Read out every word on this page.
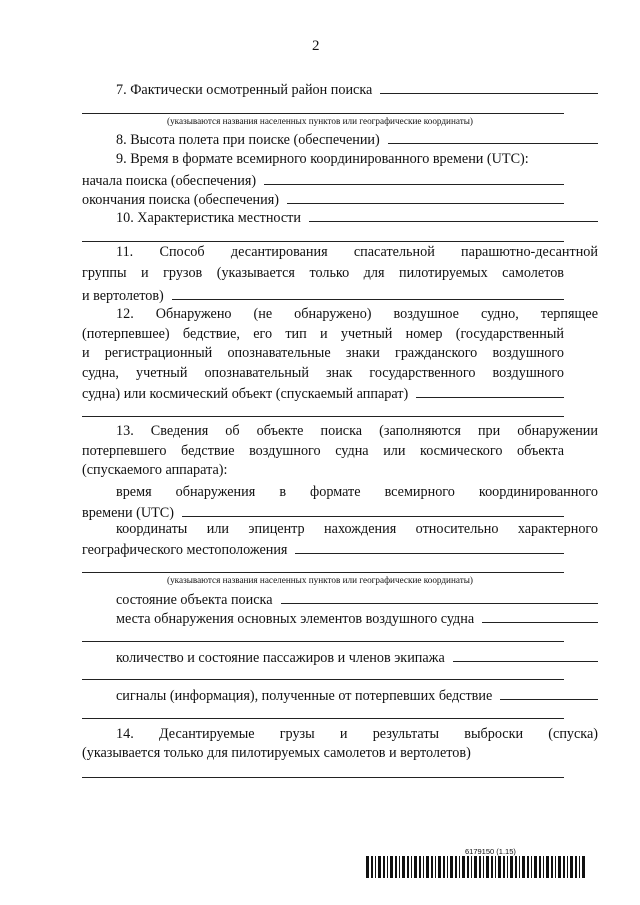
2
7. Фактически осмотренный район поиска
(указываются названия населенных пунктов или географические координаты)
8. Высота полета при поиске (обеспечении)
9. Время в формате всемирного координированного времени (UTC):
начала поиска (обеспечения)
окончания поиска (обеспечения)
10. Характеристика местности
11. Способ десантирования спасательной парашютно-десантной
группы и грузов (указывается только для пилотируемых самолетов
и вертолетов)
12. Обнаружено (не обнаружено) воздушное судно, терпящее
(потерпевшее) бедствие, его тип и учетный номер (государственный
и регистрационный опознавательные знаки гражданского воздушного
судна, учетный опознавательный знак государственного воздушного
судна) или космический объект (спускаемый аппарат)
13. Сведения об объекте поиска (заполняются при обнаружении
потерпевшего бедствие воздушного судна или космического объекта
(спускаемого аппарата):
время обнаружения в формате всемирного координированного
времени (UTC)
координаты или эпицентр нахождения относительно характерного
географического местоположения
(указываются названия населенных пунктов или географические координаты)
состояние объекта поиска
места обнаружения основных элементов воздушного судна
количество и состояние пассажиров и членов экипажа
сигналы (информация), полученные от потерпевших бедствие
14. Десантируемые грузы и результаты выброски (спуска)
(указывается только для пилотируемых самолетов и вертолетов)
6179150 (1.15)
